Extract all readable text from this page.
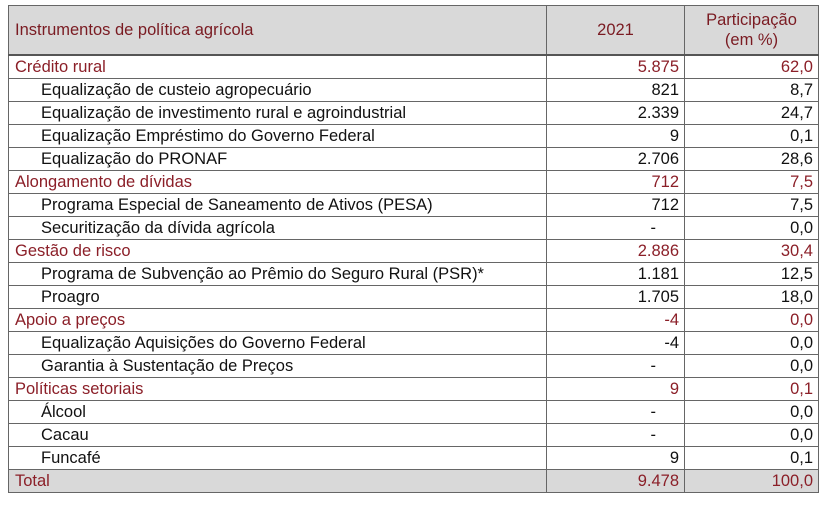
Instrumentos de política agrícola	2021	Participação
(em %)

Crédito rural	5.875	62,0
Equalização de custeio agropecuário	821	8,7
Equalização de investimento rural e agroindustrial	2.339	24,7
Equalização Empréstimo do Governo Federal	9	0,1
Equalização do PRONAF	2.706	28,6
Alongamento de dívidas	712	7,5
Programa Especial de Saneamento de Ativos (PESA)	712	7,5
Securitização da dívida agrícola	-	0,0
Gestão de risco	2.886	30,4
Programa de Subvenção ao Prêmio do Seguro Rural (PSR)*	1.181	12,5
Proagro	1.705	18,0
Apoio a preços	-4	0,0
Equalização Aquisições do Governo Federal	-4	0,0
Garantia à Sustentação de Preços	-	0,0
Políticas setoriais	9	0,1
Álcool	-	0,0
Cacau	-	0,0
Funcafé	9	0,1
Total	9.478	100,0
